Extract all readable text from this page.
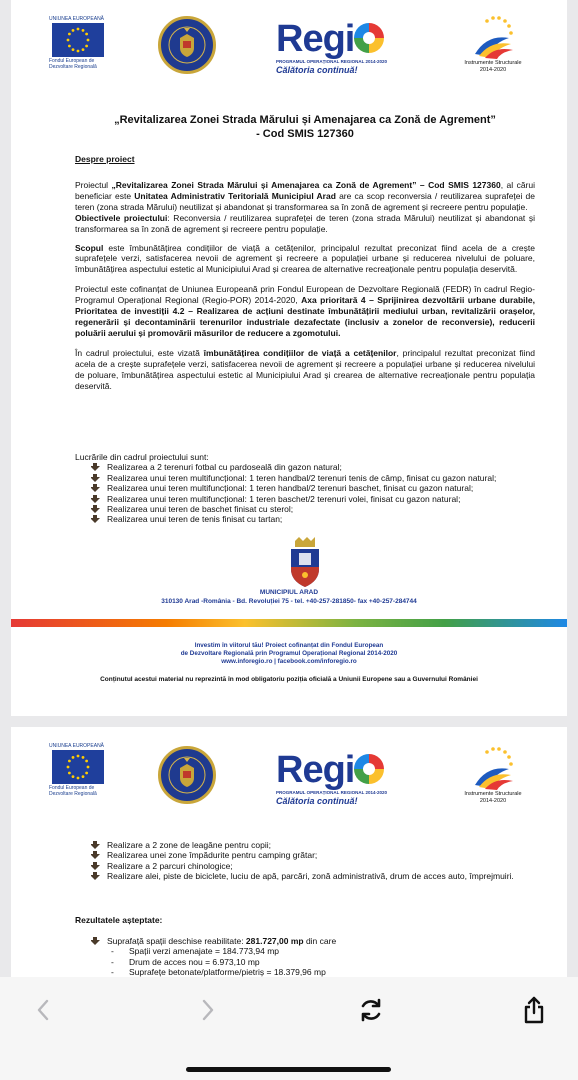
UNIUNEA EUROPEANĂ
Fondul European de
Dezvoltare Regională
Regi
PROGRAMUL OPERAȚIONAL REGIONAL 2014-2020
Călătoria continuă!
Instrumente Structurale
2014-2020
„Revitalizarea Zonei Strada Mărului și Amenajarea ca Zonă de Agrement”
- Cod SMIS 127360
Despre proiect

Proiectul „Revitalizarea Zonei Strada Mărului și Amenajarea ca Zonă de Agrement” – Cod SMIS 127360, al cărui beneficiar este Unitatea Administrativ Teritorială Municipiul Arad are ca scop reconversia / reutilizarea suprafeței de teren (zona strada Mărului) neutilizat și abandonat și transformarea sa în zonă de agrement și recreere pentru populație.

Obiectivele proiectului: Reconversia / reutilizarea suprafeței de teren (zona strada Mărului) neutilizat și abandonat și transformarea sa în zonă de agrement și recreere pentru populație.

Scopul este îmbunătățirea condițiilor de viață a cetățenilor, principalul rezultat preconizat fiind acela de a crește suprafețele verzi, satisfacerea nevoii de agrement și recreere a populației urbane și reducerea nivelului de poluare, îmbunătățirea aspectului estetic al Municipiului Arad și crearea de alternative recreaționale pentru populația deservită.

Proiectul este cofinanțat de Uniunea Europeană prin Fondul European de Dezvoltare Regională (FEDR) în cadrul Regio-Programul Operațional Regional (Regio-POR) 2014-2020, Axa prioritară 4 – Sprijinirea dezvoltării urbane durabile, Prioritatea de investiții 4.2 – Realizarea de acțiuni destinate îmbunătățirii mediului urban, revitalizării orașelor, regenerării și decontaminării terenurilor industriale dezafectate (inclusiv a zonelor de reconversie), reducerii poluării aerului și promovării măsurilor de reducere a zgomotului.

În cadrul proiectului, este vizată îmbunătățirea condițiilor de viață a cetățenilor, principalul rezultat preconizat fiind acela de a crește suprafețele verzi, satisfacerea nevoii de agrement și recreere a populației urbane și reducerea nivelului de poluare, îmbunătățirea aspectului estetic al Municipiului Arad și crearea de alternative recreaționale pentru populația deservită.

Lucrările din cadrul proiectului sunt:
Realizarea a 2 terenuri fotbal cu pardoseală din gazon natural;
Realizarea unui teren multifuncțional: 1 teren handbal/2 terenuri tenis de câmp, finisat cu gazon natural;
Realizarea unui teren multifuncțional: 1 teren handbal/2 terenuri baschet, finisat cu gazon natural;
Realizarea unui teren multifuncțional: 1 teren baschet/2 terenuri volei, finisat cu gazon natural;
Realizarea unui teren de baschet finisat cu sterol;
Realizarea unui teren de tenis finisat cu tartan;
MUNICIPIUL ARAD
310130 Arad -România - Bd. Revoluției 75 - tel. +40-257-281850- fax +40-257-284744
Investim în viitorul tău! Proiect cofinanțat din Fondul European
de Dezvoltare Regională prin Programul Operațional Regional 2014-2020
www.inforegio.ro | facebook.com/inforegio.ro
Conținutul acestui material nu reprezintă în mod obligatoriu poziția oficială a Uniunii Europene sau a Guvernului României
UNIUNEA EUROPEANĂ
Fondul European de
Dezvoltare Regională
Regi
PROGRAMUL OPERAȚIONAL REGIONAL 2014-2020
Călătoria continuă!
Instrumente Structurale
2014-2020
Realizare a 2 zone de leagăne pentru copii;
Realizarea unei zone împădurite pentru camping grătar;
Realizare a 2 parcuri chinologice;
Realizare alei, piste de biciclete, luciu de apă, parcări, zonă administrativă, drum de acces auto, împrejmuiri.
Rezultatele așteptate:
Suprafață spații deschise reabilitate: 281.727,00 mp din care
-	Spații verzi amenajate = 184.773,94 mp
-	Drum de acces nou = 6.973,10 mp
-	Suprafețe betonate/platforme/pietriș = 18.379,96 mp
